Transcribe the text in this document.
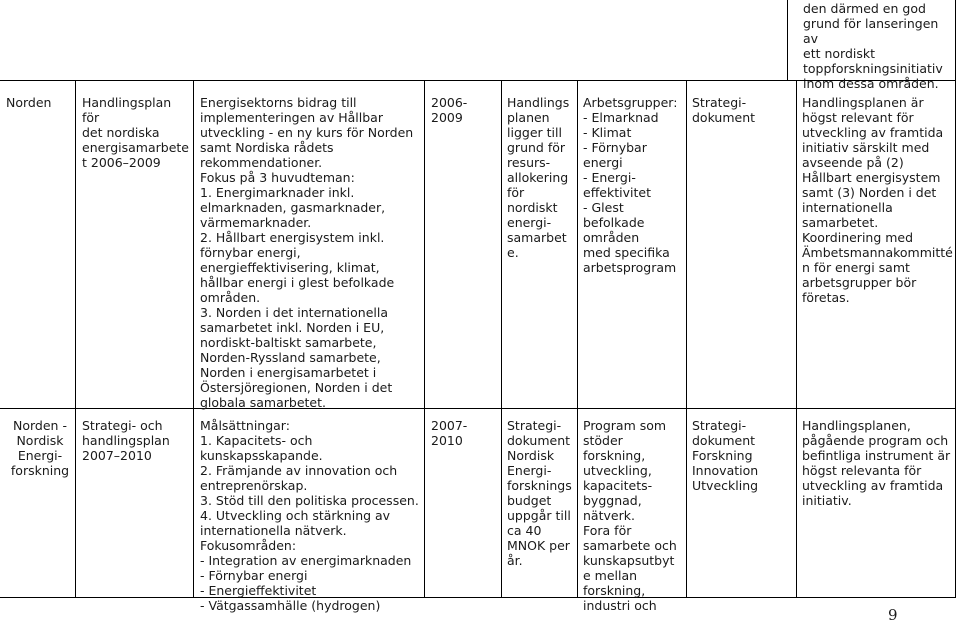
den därmed en god
grund för lanseringen av
ett nordiskt
toppforskningsinitiativ
inom dessa områden.
Norden	Handlingsplan för
det nordiska
energisamarbete
t 2006–2009
Energisektorns bidrag till
implementeringen av Hållbar
utveckling - en ny kurs för Norden
samt Nordiska rådets
rekommendationer.
Fokus på 3 huvudteman:
1. Energimarknader inkl.
elmarknaden, gasmarknader,
värmemarknader.
2. Hållbart energisystem inkl.
förnybar energi,
energieffektivisering, klimat,
hållbar energi i glest befolkade
områden.
3. Norden i det internationella
samarbetet inkl. Norden i EU,
nordiskt-baltiskt samarbete,
Norden-Ryssland samarbete,
Norden i energisamarbetet i
Östersjöregionen, Norden i det
globala samarbetet.
2006-
2009
Handlings
planen
ligger till
grund för
resurs-
allokering
för
nordiskt
energi-
samarbet
e.
Arbetsgrupper:
- Elmarknad
- Klimat
- Förnybar
energi
- Energi-
effektivitet
- Glest
befolkade
områden
med specifika
arbetsprogram
Strategi-
dokument
Handlingsplanen är
högst relevant för
utveckling av framtida
initiativ särskilt med
avseende på (2)
Hållbart energisystem
samt (3) Norden i det
internationella
samarbetet.
Koordinering med
Ämbetsmannakommitté
n för energi samt
arbetsgrupper bör
företas.
Norden -
Nordisk
Energi-
forskning
Strategi- och
handlingsplan
2007–2010
Målsättningar:
1. Kapacitets- och
kunskapsskapande.
2. Främjande av innovation och
entreprenörskap.
3. Stöd till den politiska processen.
4. Utveckling och stärkning av
internationella nätverk.
Fokusområden:
- Integration av energimarknaden
- Förnybar energi
- Energieffektivitet
- Vätgassamhälle (hydrogen)
2007-
2010
Strategi-
dokument
Nordisk
Energi-
forsknings
budget
uppgår till
ca 40
MNOK per
år.
Program som
stöder
forskning,
utveckling,
kapacitets-
byggnad,
nätverk.
Fora för
samarbete och
kunskapsutbyt
e mellan
forskning,
industri och
Strategi-
dokument
Forskning
Innovation
Utveckling
Handlingsplanen,
pågående program och
befintliga instrument är
högst relevanta för
utveckling av framtida
initiativ.
9
